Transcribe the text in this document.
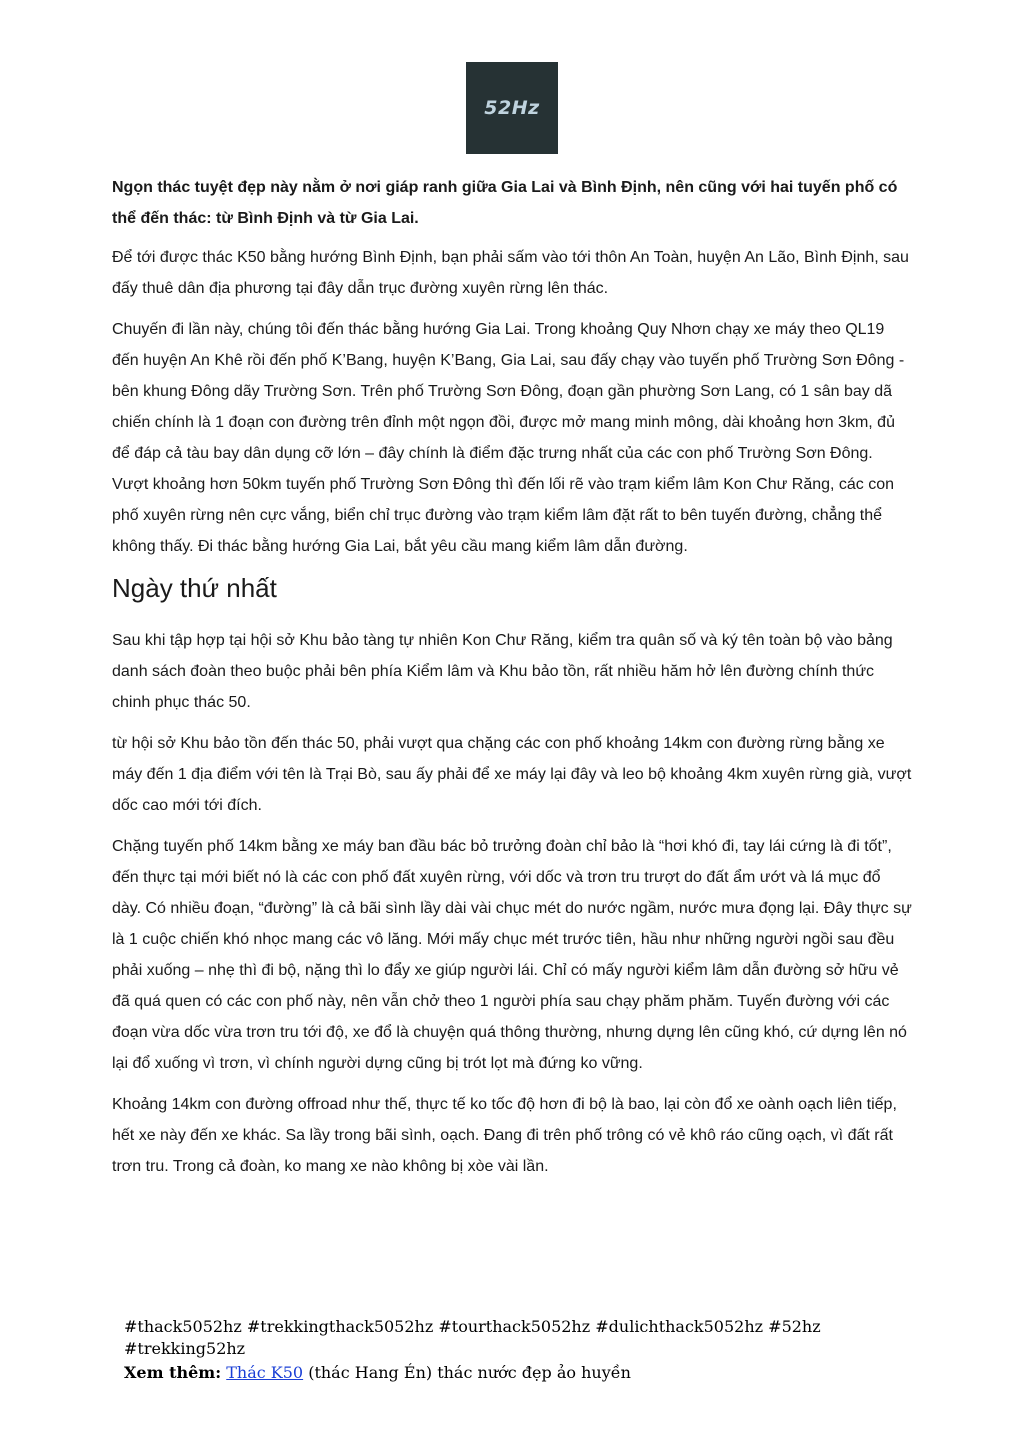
52Hz

Ngọn thác tuyệt đẹp này nằm ở nơi giáp ranh giữa Gia Lai và Bình Định, nên cũng với hai tuyến phố có thể đến thác: từ Bình Định và từ Gia Lai.

Để tới được thác K50 bằng hướng Bình Định, bạn phải sấm vào tới thôn An Toàn, huyện An Lão, Bình Định, sau đấy thuê dân địa phương tại đây dẫn trục đường xuyên rừng lên thác.

Chuyến đi lần này, chúng tôi đến thác bằng hướng Gia Lai. Trong khoảng Quy Nhơn chạy xe máy theo QL19 đến huyện An Khê rồi đến phố K’Bang, huyện K’Bang, Gia Lai, sau đấy chạy vào tuyến phố Trường Sơn Đông - bên khung Đông dãy Trường Sơn. Trên phố Trường Sơn Đông, đoạn gần phường Sơn Lang, có 1 sân bay dã chiến chính là 1 đoạn con đường trên đỉnh một ngọn đồi, được mở mang minh mông, dài khoảng hơn 3km, đủ để đáp cả tàu bay dân dụng cỡ lớn – đây chính là điểm đặc trưng nhất của các con phố Trường Sơn Đông. Vượt khoảng hơn 50km tuyến phố Trường Sơn Đông thì đến lối rẽ vào trạm kiểm lâm Kon Chư Răng, các con phố xuyên rừng nên cực vắng, biển chỉ trục đường vào trạm kiểm lâm đặt rất to bên tuyến đường, chẳng thể không thấy. Đi thác bằng hướng Gia Lai, bắt yêu cầu mang kiểm lâm dẫn đường.

Ngày thứ nhất

Sau khi tập hợp tại hội sở Khu bảo tàng tự nhiên Kon Chư Răng, kiểm tra quân số và ký tên toàn bộ vào bảng danh sách đoàn theo buộc phải bên phía Kiểm lâm và Khu bảo tồn, rất nhiều hăm hở lên đường chính thức chinh phục thác 50.

từ hội sở Khu bảo tồn đến thác 50, phải vượt qua chặng các con phố khoảng 14km con đường rừng bằng xe máy đến 1 địa điểm với tên là Trại Bò, sau ấy phải để xe máy lại đây và leo bộ khoảng 4km xuyên rừng già, vượt dốc cao mới tới đích.

Chặng tuyến phố 14km bằng xe máy ban đầu bác bỏ trưởng đoàn chỉ bảo là “hơi khó đi, tay lái cứng là đi tốt”, đến thực tại mới biết nó là các con phố đất xuyên rừng, với dốc và trơn tru trượt do đất ẩm ướt và lá mục đổ dày. Có nhiều đoạn, “đường” là cả bãi sình lầy dài vài chục mét do nước ngầm, nước mưa đọng lại. Đây thực sự là 1 cuộc chiến khó nhọc mang các vô lăng. Mới mấy chục mét trước tiên, hầu như những người ngồi sau đều phải xuống – nhẹ thì đi bộ, nặng thì lo đẩy xe giúp người lái. Chỉ có mấy người kiểm lâm dẫn đường sở hữu vẻ đã quá quen có các con phố này, nên vẫn chở theo 1 người phía sau chạy phăm phăm. Tuyến đường với các đoạn vừa dốc vừa trơn tru tới độ, xe đổ là chuyện quá thông thường, nhưng dựng lên cũng khó, cứ dựng lên nó lại đổ xuống vì trơn, vì chính người dựng cũng bị trót lọt mà đứng ko vững.

Khoảng 14km con đường offroad như thế, thực tế ko tốc độ hơn đi bộ là bao, lại còn đổ xe oành oạch liên tiếp, hết xe này đến xe khác. Sa lầy trong bãi sình, oạch. Đang đi trên phố trông có vẻ khô ráo cũng oạch, vì đất rất trơn tru. Trong cả đoàn, ko mang xe nào không bị xòe vài lần.

#thack5052hz #trekkingthack5052hz #tourthack5052hz #dulichthack5052hz #52hz #trekking52hz

Xem thêm: Thác K50 (thác Hang Én) thác nước đẹp ảo huyền
